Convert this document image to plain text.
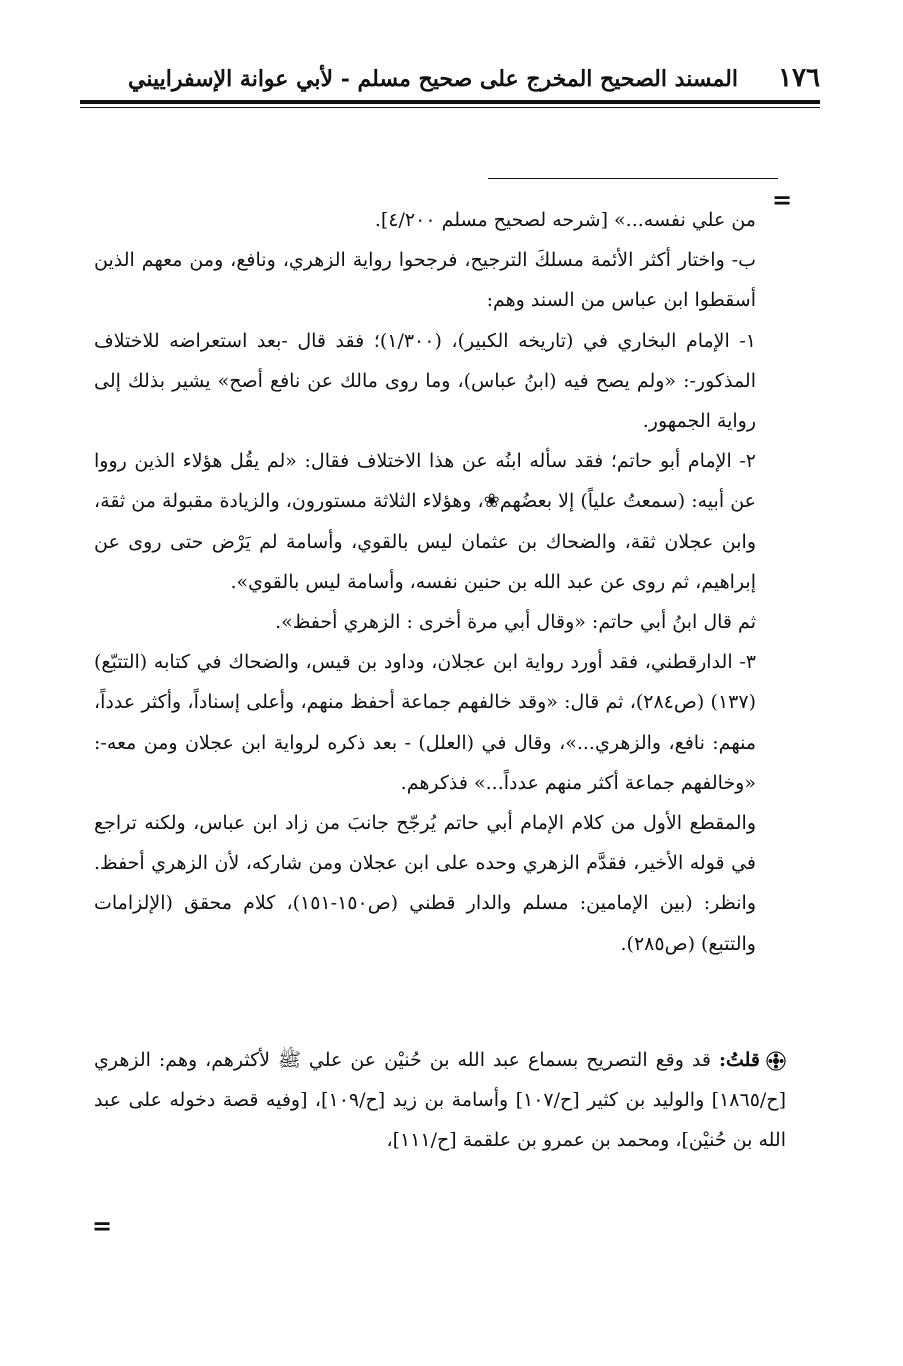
١٧٦
المسند الصحيح المخرج على صحيح مسلم - لأبي عوانة الإسفراييني
=

من علي نفسه...» [شرحه لصحيح مسلم ٤/٢٠٠].

ب- واختار أكثر الأئمة مسلكَ الترجيح، فرجحوا رواية الزهري، ونافع، ومن معهم الذين أسقطوا ابن عباس من السند وهم:

١- الإمام البخاري في (تاريخه الكبير)، (١/٣٠٠)؛ فقد قال -بعد استعراضه للاختلاف المذكور-: «ولم يصح فيه (ابنُ عباس)، وما روى مالك عن نافع أصح» يشير بذلك إلى رواية الجمهور.

٢- الإمام أبو حاتم؛ فقد سأله ابنُه عن هذا الاختلاف فقال: «لم يقُل هؤلاء الذين رووا عن أبيه: (سمعتُ علياً) إلا بعضُهم❀، وهؤلاء الثلاثة مستورون، والزيادة مقبولة من ثقة، وابن عجلان ثقة، والضحاك بن عثمان ليس بالقوي، وأسامة لم يَرْض حتى روى عن إبراهيم، ثم روى عن عبد الله بن حنين نفسه، وأسامة ليس بالقوي».

ثم قال ابنُ أبي حاتم: «وقال أبي مرة أخرى : الزهري أحفظ».

٣- الدارقطني، فقد أورد رواية ابن عجلان، وداود بن قيس، والضحاك في كتابه (التتبّع) (١٣٧) (ص٢٨٤)، ثم قال: «وقد خالفهم جماعة أحفظ منهم، وأعلى إسناداً، وأكثر عدداً، منهم: نافع، والزهري...»، وقال في (العلل) - بعد ذكره لرواية ابن عجلان ومن معه-: «وخالفهم جماعة أكثر منهم عدداً...» فذكرهم.

والمقطع الأول من كلام الإمام أبي حاتم يُرجّح جانبَ من زاد ابن عباس، ولكنه تراجع في قوله الأخير، فقدَّم الزهري وحده على ابن عجلان ومن شاركه، لأن الزهري أحفظ. وانظر: (بين الإمامين: مسلم والدار قطني (ص١٥٠-١٥١)، كلام محقق (الإلزامات والتتبع) (ص٢٨٥).

قلتُ: قد وقع التصريح بسماع عبد الله بن حُنيْن عن علي ﷺ لأكثرهم، وهم: الزهري [ح/١٨٦٥] والوليد بن كثير [ح/١٠٧] وأسامة بن زيد [ح/١٠٩]، [وفيه قصة دخوله على عبد الله بن حُنيْن]، ومحمد بن عمرو بن علقمة [ح/١١١]،
=
